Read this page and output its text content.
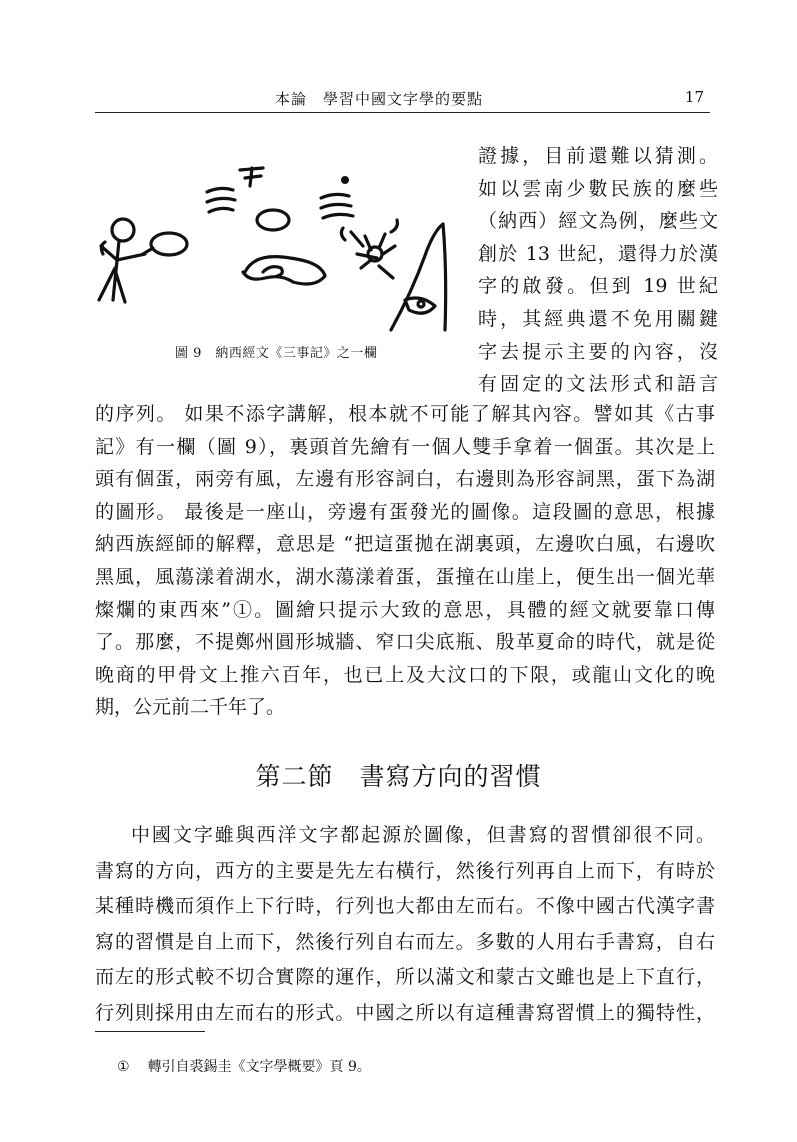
本論　學習中國文字學的要點	17
圖 9　納西經文《三事記》之一欄
證據，目前還難以猜測。
如以雲南少數民族的麼些
（納西）經文為例，麼些文
創於 13 世紀，還得力於漢
字的啟發。但到 19 世紀
時，其經典還不免用關鍵
字去提示主要的內容，沒
有固定的文法形式和語言
的序列。 如果不添字講解，根本就不可能了解其內容。譬如其《古事
記》有一欄（圖 9），裏頭首先繪有一個人雙手拿着一個蛋。其次是上
頭有個蛋，兩旁有風，左邊有形容詞白，右邊則為形容詞黑，蛋下為湖
的圖形。 最後是一座山，旁邊有蛋發光的圖像。這段圖的意思，根據
納西族經師的解釋，意思是 “把這蛋拋在湖裏頭，左邊吹白風，右邊吹
黑風，風蕩漾着湖水，湖水蕩漾着蛋，蛋撞在山崖上，便生出一個光華
燦爛的東西來”①。圖繪只提示大致的意思，具體的經文就要靠口傳
了。那麼，不提鄭州圓形城牆、窄口尖底瓶、殷革夏命的時代，就是從
晚商的甲骨文上推六百年，也已上及大汶口的下限，或龍山文化的晚
期，公元前二千年了。
第二節　書寫方向的習慣
中國文字雖與西洋文字都起源於圖像，但書寫的習慣卻很不同。
書寫的方向，西方的主要是先左右橫行，然後行列再自上而下，有時於
某種時機而須作上下行時，行列也大都由左而右。不像中國古代漢字書
寫的習慣是自上而下，然後行列自右而左。多數的人用右手書寫，自右
而左的形式較不切合實際的運作，所以滿文和蒙古文雖也是上下直行，
行列則採用由左而右的形式。中國之所以有這種書寫習慣上的獨特性，
① 轉引自裘錫圭《文字學概要》頁 9。
